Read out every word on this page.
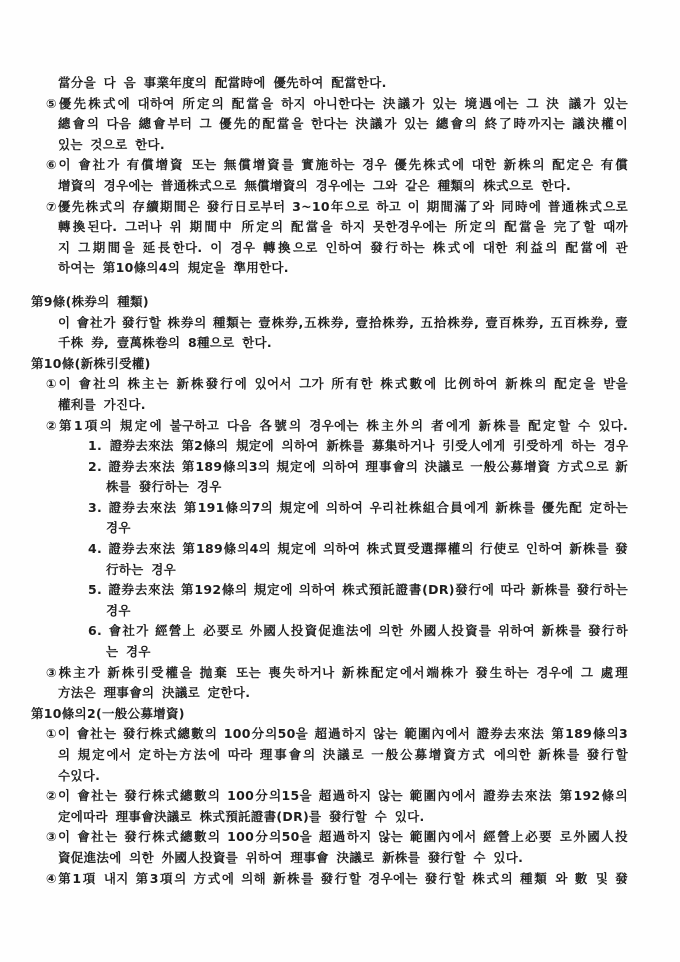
當分을 다 음 事業年度의 配當時에 優先하여 配當한다.
⑤優先株式에 대하여 所定의 配當을 하지 아니한다는 決議가 있는 境遇에는 그 決 議가 있는
總會의 다음 總會부터 그 優先的配當을 한다는 決議가 있는 總會의 終了時까지는 議決權이
있는 것으로 한다.
⑥이 會社가 有償增資 또는 無償增資를 實施하는 경우 優先株式에 대한 新株의 配定은 有償
增資의 경우에는 普通株式으로 無償增資의 경우에는 그와 같은 種類의 株式으로 한다.
⑦優先株式의 存續期間은 發行日로부터 3~10年으로 하고 이 期間滿了와 同時에 普通株式으로
轉換된다. 그러나 위 期間中 所定의 配當을 하지 못한경우에는 所定의 配當을 完了할 때까
지 그期間을 延長한다. 이 경우 轉換으로 인하여 發行하는 株式에 대한 利益의 配當에 관
하여는 第10條의4의 規定을 準用한다.
第9條(株券의 種類)
이 會社가 發行할 株券의 種類는 壹株券,五株券, 壹拾株券, 五拾株券, 壹百株券, 五百株券, 壹
千株 券, 壹萬株卷의 8種으로 한다.
第10條(新株引受權)
①이 會社의 株主는 新株發行에 있어서 그가 所有한 株式數에 比例하여 新株의 配定을 받을
權利를 가진다.
②第1項의 規定에 불구하고 다음 各號의 경우에는 株主外의 者에게 新株를 配定할 수 있다.
1. 證券去來法 第2條의 規定에 의하여 新株를 募集하거나 引受人에게 引受하게 하는 경우
2. 證券去來法 第189條의3의 規定에 의하여 理事會의 決議로 一般公募增資 方式으로 新
株를 發行하는 경우
3. 證券去來法 第191條의7의 規定에 의하여 우리社株組合員에게 新株를 優先配 定하는
경우
4. 證券去來法 第189條의4의 規定에 의하여 株式買受選擇權의 行使로 인하여 新株를 發
行하는 경우
5. 證券去來法 第192條의 規定에 의하여 株式預託證書(DR)發行에 따라 新株를 發行하는
경우
6. 會社가 經營上 必要로 外國人投資促進法에 의한 外國人投資를 위하여 新株를 發行하
는 경우
③株主가 新株引受權을 抛棄 또는 喪失하거나 新株配定에서端株가 發生하는 경우에 그 處理
方法은 理事會의 決議로 定한다.
第10條의2(一般公募增資)
①이 會社는 發行株式總數의 100分의50을 超過하지 않는 範圍內에서 證券去來法 第189條의3
의 規定에서 定하는方法에 따라 理事會의 決議로 一般公募增資方式 에의한 新株를 發行할
수있다.
②이 會社는 發行株式總數의 100分의15을 超過하지 않는 範圍內에서 證券去來法 第192條의
定에따라 理事會決議로 株式預託證書(DR)를 發行할 수 있다.
③이 會社는 發行株式總數의 100分의50을 超過하지 않는 範圍內에서 經營上必要 로外國人投
資促進法에 의한 外國人投資를 위하여 理事會 決議로 新株를 發行할 수 있다.
④第1項 내지 第3項의 方式에 의해 新株를 發行할 경우에는 發行할 株式의 種類 와 數 및 發
